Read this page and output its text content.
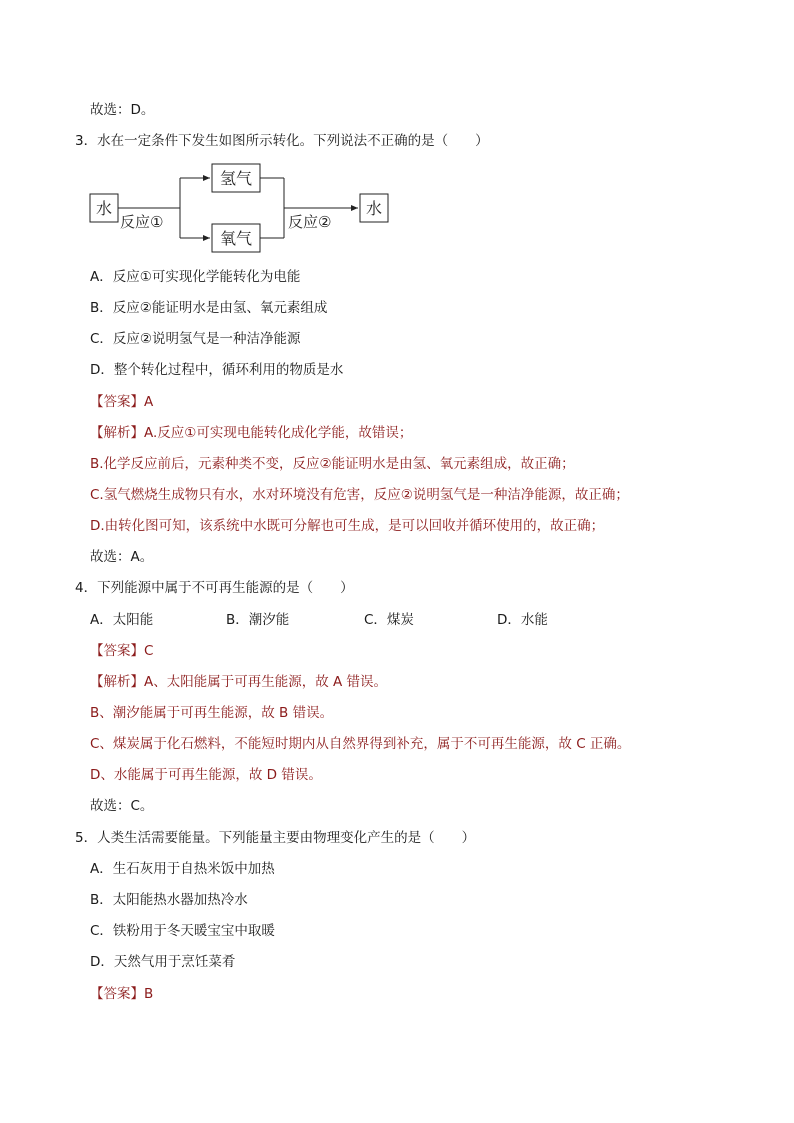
故选：D。
3．水在一定条件下发生如图所示转化。下列说法不正确的是（　　）
水
反应①
氢气
氧气
反应②
水
A．反应①可实现化学能转化为电能
B．反应②能证明水是由氢、氧元素组成
C．反应②说明氢气是一种洁净能源
D．整个转化过程中，循环利用的物质是水
【答案】A
【解析】A.反应①可实现电能转化成化学能，故错误；
B.化学反应前后，元素种类不变，反应②能证明水是由氢、氧元素组成，故正确；
C.氢气燃烧生成物只有水，水对环境没有危害，反应②说明氢气是一种洁净能源，故正确；
D.由转化图可知，该系统中水既可分解也可生成，是可以回收并循环使用的，故正确；
故选：A。
4．下列能源中属于不可再生能源的是（　　）
A．太阳能	B．潮汐能	C．煤炭	D．水能
【答案】C
【解析】A、太阳能属于可再生能源，故 A 错误。
B、潮汐能属于可再生能源，故 B 错误。
C、煤炭属于化石燃料，不能短时期内从自然界得到补充，属于不可再生能源，故 C 正确。
D、水能属于可再生能源，故 D 错误。
故选：C。
5．人类生活需要能量。下列能量主要由物理变化产生的是（　　）
A．生石灰用于自热米饭中加热
B．太阳能热水器加热冷水
C．铁粉用于冬天暖宝宝中取暖
D．天然气用于烹饪菜肴
【答案】B
